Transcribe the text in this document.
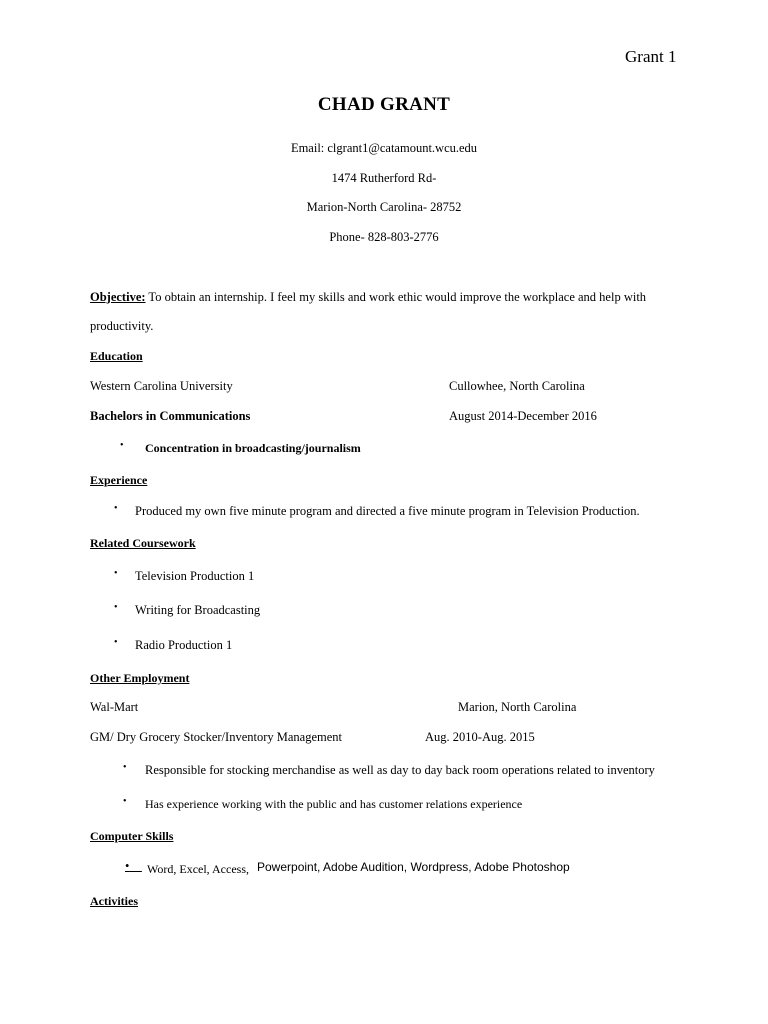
Grant 1
CHAD GRANT
Email: clgrant1@catamount.wcu.edu
1474 Rutherford Rd-
Marion-North Carolina- 28752
Phone- 828-803-2776
Objective: To obtain an internship. I feel my skills and work ethic would improve the workplace and help with
productivity.
Education
Western Carolina University	Cullowhee, North Carolina
Bachelors in Communications	August 2014-December 2016
• Concentration in broadcasting/journalism
Experience
• Produced my own five minute program and directed a five minute program in Television Production.
Related Coursework
• Television Production 1
• Writing for Broadcasting
• Radio Production 1
Other Employment
Wal-Mart	Marion, North Carolina
GM/ Dry Grocery Stocker/Inventory Management	Aug. 2010-Aug. 2015
• Responsible for stocking merchandise as well as day to day back room operations related to inventory
• Has experience working with the public and has customer relations experience
Computer Skills
•	Word, Excel, Access, Powerpoint, Adobe Audition, Wordpress, Adobe Photoshop
Activities
